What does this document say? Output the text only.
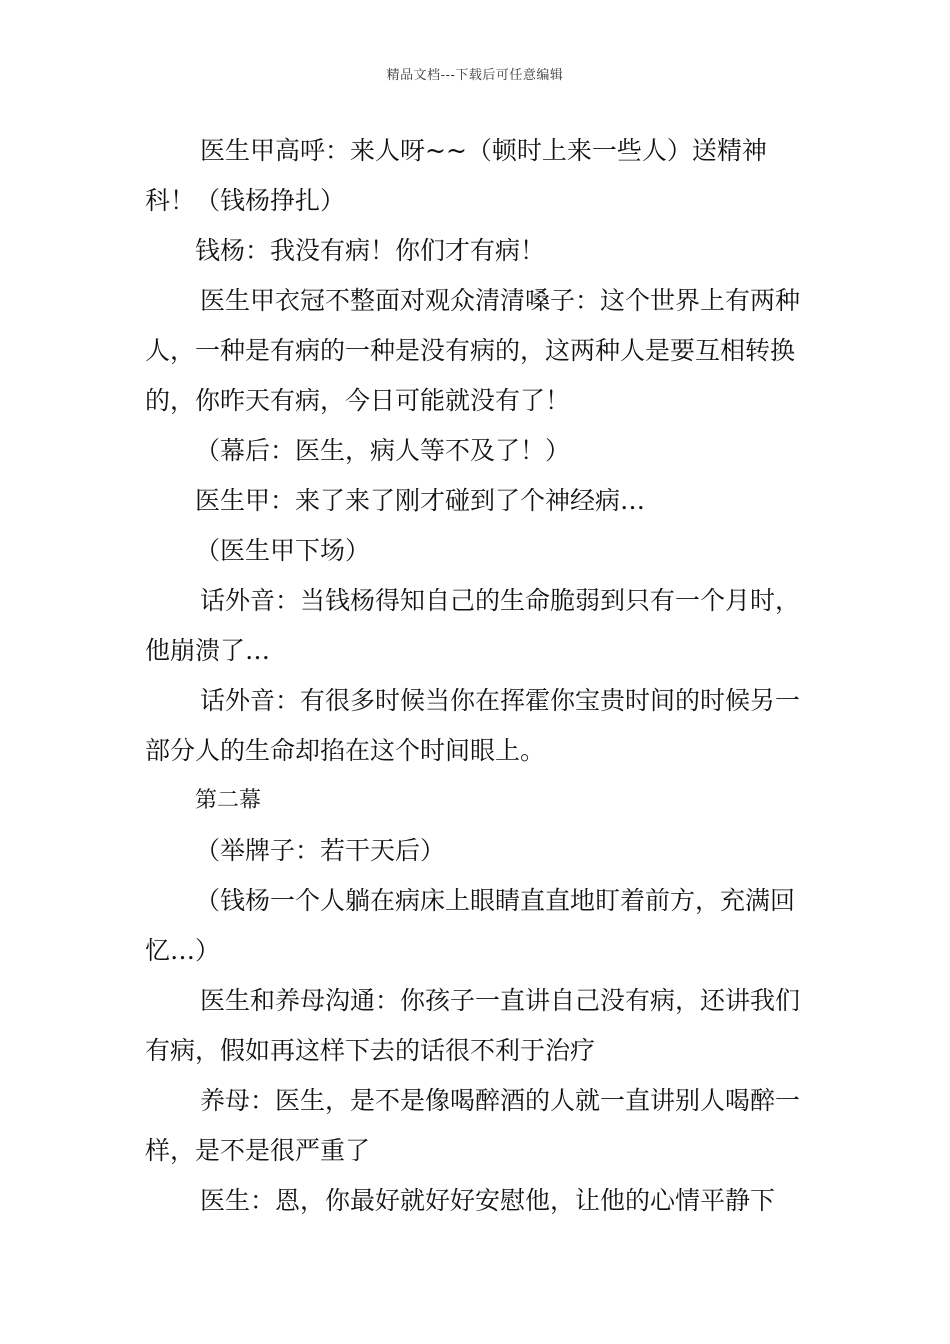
精品文档---下载后可任意编辑

医生甲高呼：来人呀~~（顿时上来一些人）送精神科！（钱杨挣扎）

钱杨：我没有病！你们才有病！

医生甲衣冠不整面对观众清清嗓子：这个世界上有两种人，一种是有病的一种是没有病的，这两种人是要互相转换的，你昨天有病，今日可能就没有了！

（幕后：医生，病人等不及了！）

医生甲：来了来了刚才碰到了个神经病…

（医生甲下场）

话外音：当钱杨得知自己的生命脆弱到只有一个月时，他崩溃了…

话外音：有很多时候当你在挥霍你宝贵时间的时候另一部分人的生命却掐在这个时间眼上。

第二幕

（举牌子：若干天后）

（钱杨一个人躺在病床上眼睛直直地盯着前方，充满回忆…）

医生和养母沟通：你孩子一直讲自己没有病，还讲我们有病，假如再这样下去的话很不利于治疗

养母：医生，是不是像喝醉酒的人就一直讲别人喝醉一样，是不是很严重了

医生：恩，你最好就好好安慰他，让他的心情平静下
